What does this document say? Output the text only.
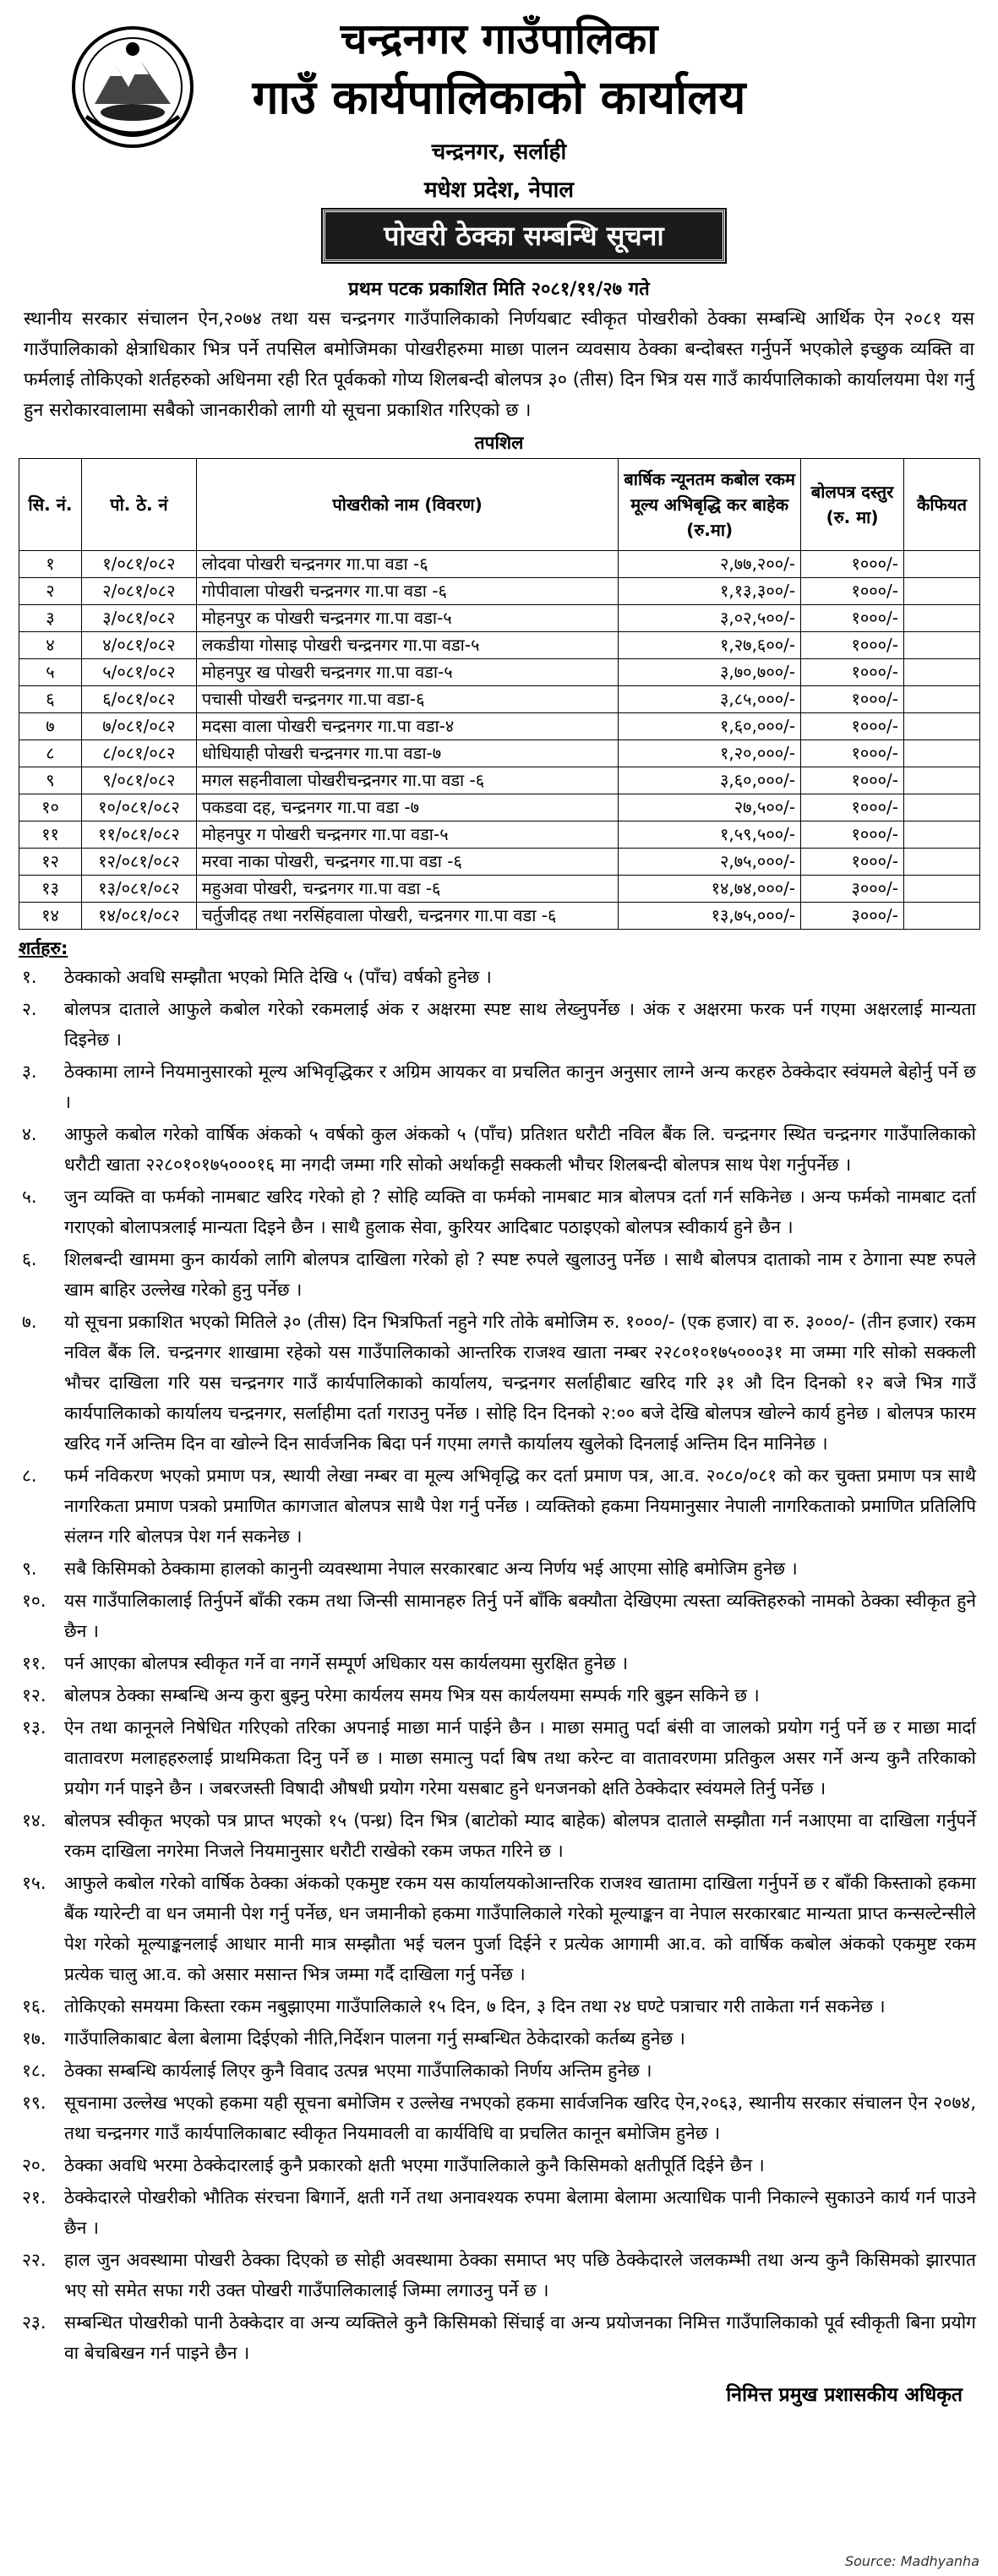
चन्द्रनगर गाउँपालिका
गाउँ कार्यपालिकाको कार्यालय
चन्द्रनगर, सर्लाही
मधेश प्रदेश, नेपाल
पोखरी ठेक्का सम्बन्धि सूचना
प्रथम पटक प्रकाशित मिति २०८१/११/२७ गते
स्थानीय सरकार संचालन ऐन,२०७४ तथा यस चन्द्रनगर गाउँपालिकाको निर्णयबाट स्वीकृत पोखरीको ठेक्का सम्बन्धि आर्थिक ऐन २०८१ यस गाउँपालिकाको क्षेत्राधिकार भित्र पर्ने तपसिल बमोजिमका पोखरीहरुमा माछा पालन व्यवसाय ठेक्का बन्दोबस्त गर्नुपर्ने भएकोले इच्छुक व्यक्ति वा फर्मलाई तोकिएको शर्तहरुको अधिनमा रही रित पूर्वकको गोप्य शिलबन्दी बोलपत्र ३० (तीस) दिन भित्र यस गाउँ कार्यपालिकाको कार्यालयमा पेश गर्नु हुन सरोकारवालामा सबैको जानकारीको लागी यो सूचना प्रकाशित गरिएको छ ।
तपशिल
सि. नं.	पो. ठे. नं	पोखरीको नाम (विवरण)	बार्षिक न्यूनतम कबोल रकम मूल्य अभिबृद्धि कर बाहेक (रु.मा)	बोलपत्र दस्तुर (रु. मा)	कैफियत
१	१/०८१/०८२	लोदवा पोखरी चन्द्रनगर गा.पा वडा -६	२,७७,२००/-	१०००/-	
२	२/०८१/०८२	गोपीवाला पोखरी चन्द्रनगर गा.पा वडा -६	१,१३,३००/-	१०००/-	
३	३/०८१/०८२	मोहनपुर क पोखरी चन्द्रनगर गा.पा वडा-५	३,०२,५००/-	१०००/-	
४	४/०८१/०८२	लकडीया गोसाइ पोखरी चन्द्रनगर गा.पा वडा-५	१,२७,६००/-	१०००/-	
५	५/०८१/०८२	मोहनपुर ख पोखरी चन्द्रनगर गा.पा वडा-५	३,७०,७००/-	१०००/-	
६	६/०८१/०८२	पचासी पोखरी चन्द्रनगर गा.पा वडा-६	३,८५,०००/-	१०००/-	
७	७/०८१/०८२	मदसा वाला पोखरी चन्द्रनगर गा.पा वडा-४	१,६०,०००/-	१०००/-	
८	८/०८१/०८२	धोधियाही पोखरी चन्द्रनगर गा.पा वडा-७	१,२०,०००/-	१०००/-	
९	९/०८१/०८२	मगल सहनीवाला पोखरीचन्द्रनगर गा.पा वडा -६	३,६०,०००/-	१०००/-	
१०	१०/०८१/०८२	पकडवा दह, चन्द्रनगर गा.पा वडा -७	२७,५००/-	१०००/-	
११	११/०८१/०८२	मोहनपुर ग पोखरी चन्द्रनगर गा.पा वडा-५	१,५९,५००/-	१०००/-	
१२	१२/०८१/०८२	मरवा नाका पोखरी, चन्द्रनगर गा.पा वडा -६	२,७५,०००/-	१०००/-	
१३	१३/०८१/०८२	महुअवा पोखरी, चन्द्रनगर गा.पा वडा -६	१४,७४,०००/-	३०००/-	
१४	१४/०८१/०८२	चर्तुजीदह तथा नरसिंहवाला पोखरी, चन्द्रनगर गा.पा वडा -६	१३,७५,०००/-	३०००/-	
शर्तहरु:
१.	ठेक्काको अवधि सम्झौता भएको मिति देखि ५ (पाँच) वर्षको हुनेछ ।
२.	बोलपत्र दाताले आफुले कबोल गरेको रकमलाई अंक र अक्षरमा स्पष्ट साथ लेख्नुपर्नेछ । अंक र अक्षरमा फरक पर्न गएमा अक्षरलाई मान्यता दिइनेछ ।
३.	ठेक्कामा लाग्ने नियमानुसारको मूल्य अभिवृद्धिकर र अग्रिम आयकर वा प्रचलित कानुन अनुसार लाग्ने अन्य करहरु ठेक्केदार स्वंयमले बेहोर्नु पर्ने छ ।
४.	आफुले कबोल गरेको वार्षिक अंकको ५ वर्षको कुल अंकको ५ (पाँच) प्रतिशत धरौटी नविल बैंक लि. चन्द्रनगर स्थित चन्द्रनगर गाउँपालिकाको धरौटी खाता २२८०१०१७५०००१६ मा नगदी जम्मा गरि सोको अर्थाकट्टी सक्कली भौचर शिलबन्दी बोलपत्र साथ पेश गर्नुपर्नेछ ।
५.	जुन व्यक्ति वा फर्मको नामबाट खरिद गरेको हो ? सोहि व्यक्ति वा फर्मको नामबाट मात्र बोलपत्र दर्ता गर्न सकिनेछ । अन्य फर्मको नामबाट दर्ता गराएको बोलापत्रलाई मान्यता दिइने छैन । साथै हुलाक सेवा, कुरियर आदिबाट पठाइएको बोलपत्र स्वीकार्य हुने छैन ।
६.	शिलबन्दी खाममा कुन कार्यको लागि बोलपत्र दाखिला गरेको हो ? स्पष्ट रुपले खुलाउनु पर्नेछ । साथै बोलपत्र दाताको नाम र ठेगाना स्पष्ट रुपले खाम बाहिर उल्लेख गरेको हुनु पर्नेछ ।
७.	यो सूचना प्रकाशित भएको मितिले ३० (तीस) दिन भित्रफिर्ता नहुने गरि तोके बमोजिम रु. १०००/- (एक हजार) वा रु. ३०००/- (तीन हजार) रकम नविल बैंक लि. चन्द्रनगर शाखामा रहेको यस गाउँपालिकाको आन्तरिक राजश्व खाता नम्बर २२८०१०१७५०००३१ मा जम्मा गरि सोको सक्कली भौचर दाखिला गरि यस चन्द्रनगर गाउँ कार्यपालिकाको कार्यालय, चन्द्रनगर सर्लाहीबाट खरिद गरि ३१ औ दिन दिनको १२ बजे भित्र गाउँ कार्यपालिकाको कार्यालय चन्द्रनगर, सर्लाहीमा दर्ता गराउनु पर्नेछ । सोहि दिन दिनको २:०० बजे देखि बोलपत्र खोल्ने कार्य हुनेछ । बोलपत्र फारम खरिद गर्ने अन्तिम दिन वा खोल्ने दिन सार्वजनिक बिदा पर्न गएमा लगत्तै कार्यालय खुलेको दिनलाई अन्तिम दिन मानिनेछ ।
८.	फर्म नविकरण भएको प्रमाण पत्र, स्थायी लेखा नम्बर वा मूल्य अभिवृद्धि कर दर्ता प्रमाण पत्र, आ.व. २०८०/०८१ को कर चुक्ता प्रमाण पत्र साथै नागरिकता प्रमाण पत्रको प्रमाणित कागजात बोलपत्र साथै पेश गर्नु पर्नेछ । व्यक्तिको हकमा नियमानुसार नेपाली नागरिकताको प्रमाणित प्रतिलिपि संलग्न गरि बोलपत्र पेश गर्न सकनेछ ।
९.	सबै किसिमको ठेक्कामा हालको कानुनी व्यवस्थामा नेपाल सरकारबाट अन्य निर्णय भई आएमा सोहि बमोजिम हुनेछ ।
१०.	यस गाउँपालिकालाई तिर्नुपर्ने बाँकी रकम तथा जिन्सी सामानहरु तिर्नु पर्ने बाँकि बक्यौता देखिएमा त्यस्ता व्यक्तिहरुको नामको ठेक्का स्वीकृत हुने छैन ।
११.	पर्न आएका बोलपत्र स्वीकृत गर्ने वा नगर्ने सम्पूर्ण अधिकार यस कार्यलयमा सुरक्षित हुनेछ ।
१२.	बोलपत्र ठेक्का सम्बन्धि अन्य कुरा बुझ्नु परेमा कार्यलय समय भित्र यस कार्यलयमा सम्पर्क गरि बुझ्न सकिने छ ।
१३.	ऐन तथा कानूनले निषेधित गरिएको तरिका अपनाई माछा मार्न पाईने छैन । माछा समातु पर्दा बंसी वा जालको प्रयोग गर्नु पर्ने छ र माछा मार्दा वातावरण मलाहहरुलाई प्राथमिकता दिनु पर्ने छ । माछा समात्नु पर्दा बिष तथा करेन्ट वा वातावरणमा प्रतिकुल असर गर्ने अन्य कुनै तरिकाको प्रयोग गर्न पाइने छैन । जबरजस्ती विषादी औषधी प्रयोग गरेमा यसबाट हुने धनजनको क्षति ठेक्केदार स्वंयमले तिर्नु पर्नेछ ।
१४.	बोलपत्र स्वीकृत भएको पत्र प्राप्त भएको १५ (पन्ध्र) दिन भित्र (बाटोको म्याद बाहेक) बोलपत्र दाताले सम्झौता गर्न नआएमा वा दाखिला गर्नुपर्ने रकम दाखिला नगरेमा निजले नियमानुसार धरौटी राखेको रकम जफत गरिने छ ।
१५.	आफुले कबोल गरेको वार्षिक ठेक्का अंकको एकमुष्ट रकम यस कार्यालयकोआन्तरिक राजश्व खातामा दाखिला गर्नुपर्ने छ र बाँकी किस्ताको हकमा बैंक ग्यारेन्टी वा धन जमानी पेश गर्नु पर्नेछ, धन जमानीको हकमा गाउँपालिकाले गरेको मूल्याङ्कन वा नेपाल सरकारबाट मान्यता प्राप्त कन्सल्टेन्सीले पेश गरेको मूल्याङ्कनलाई आधार मानी मात्र सम्झौता भई चलन पुर्जा दिईने र प्रत्येक आगामी आ.व. को वार्षिक कबोल अंकको एकमुष्ट रकम प्रत्येक चालु आ.व. को असार मसान्त भित्र जम्मा गर्दै दाखिला गर्नु पर्नेछ ।
१६.	तोकिएको समयमा किस्ता रकम नबुझाएमा गाउँपालिकाले १५ दिन, ७ दिन, ३ दिन तथा २४ घण्टे पत्राचार गरी ताकेता गर्न सकनेछ ।
१७.	गाउँपालिकाबाट बेला बेलामा दिईएको नीति,निर्देशन पालना गर्नु सम्बन्धित ठेकेदारको कर्तब्य हुनेछ ।
१८.	ठेक्का सम्बन्धि कार्यलाई लिएर कुनै विवाद उत्पन्न भएमा गाउँपालिकाको निर्णय अन्तिम हुनेछ ।
१९.	सूचनामा उल्लेख भएको हकमा यही सूचना बमोजिम र उल्लेख नभएको हकमा सार्वजनिक खरिद ऐन,२०६३, स्थानीय सरकार संचालन ऐन २०७४, तथा चन्द्रनगर गाउँ कार्यपालिकाबाट स्वीकृत नियमावली वा कार्यविधि वा प्रचलित कानून बमोजिम हुनेछ ।
२०.	ठेक्का अवधि भरमा ठेक्केदारलाई कुनै प्रकारको क्षती भएमा गाउँपालिकाले कुनै किसिमको क्षतीपूर्ति दिईने छैन ।
२१.	ठेक्केदारले पोखरीको भौतिक संरचना बिगार्ने, क्षती गर्ने तथा अनावश्यक रुपमा बेलामा बेलामा अत्याधिक पानी निकाल्ने सुकाउने कार्य गर्न पाउने छैन ।
२२.	हाल जुन अवस्थामा पोखरी ठेक्का दिएको छ सोही अवस्थामा ठेक्का समाप्त भए पछि ठेक्केदारले जलकम्भी तथा अन्य कुनै किसिमको झारपात भए सो समेत सफा गरी उक्त पोखरी गाउँपालिकालाई जिम्मा लगाउनु पर्ने छ ।
२३.	सम्बन्धित पोखरीको पानी ठेक्केदार वा अन्य व्यक्तिले कुनै किसिमको सिंचाई वा अन्य प्रयोजनका निमित्त गाउँपालिकाको पूर्व स्वीकृती बिना प्रयोग वा बेचबिखन गर्न पाइने छैन ।
निमित्त प्रमुख प्रशासकीय अधिकृत
Source: Madhyanha
